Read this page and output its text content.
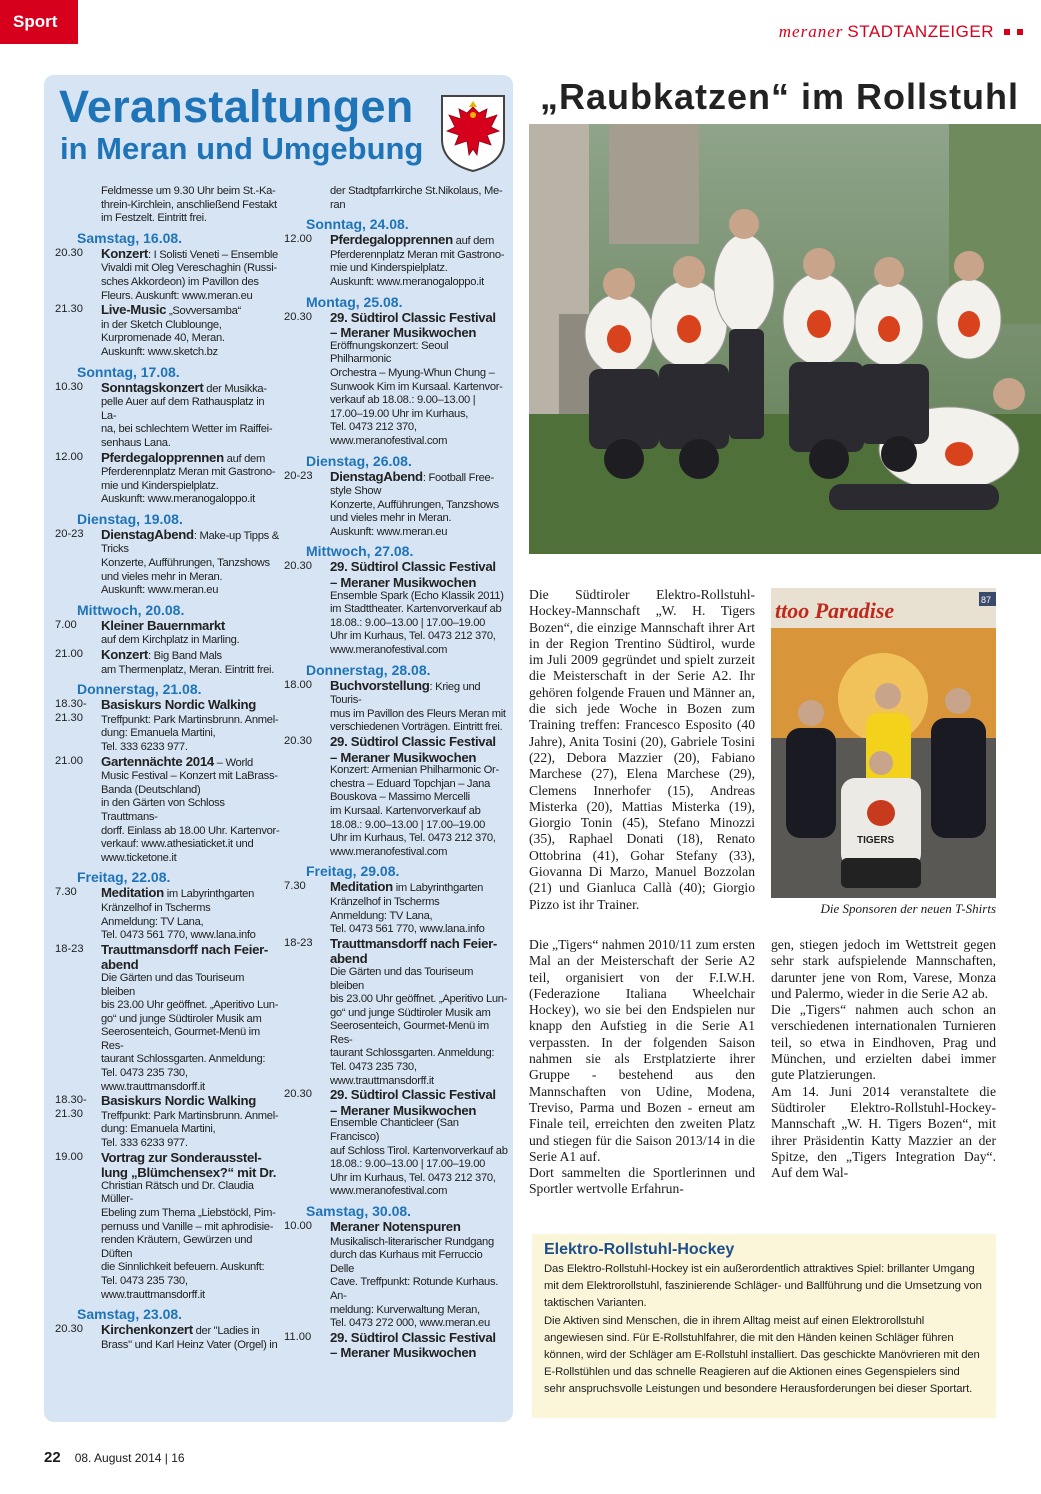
Sport
meraner STADTANZEIGER
Veranstaltungen
in Meran und Umgebung
Feldmesse um 9.30 Uhr beim St.-Ka-
threin-Kirchlein, anschließend Festakt
im Festzelt. Eintritt frei.
Samstag, 16.08.
20.30	Konzert: I Solisti Veneti – Ensemble
Vivaldi mit Oleg Vereschaghin (Russi-
sches Akkordeon) im Pavillon des
Fleurs. Auskunft: www.meran.eu
21.30	Live-Music „Sovversamba“
in der Sketch Clublounge,
Kurpromenade 40, Meran.
Auskunft: www.sketch.bz
Sonntag, 17.08.
10.30	Sonntagskonzert der Musikka-
pelle Auer auf dem Rathausplatz in La-
na, bei schlechtem Wetter im Raiffei-
senhaus Lana.
12.00	Pferdegalopprennen auf dem
Pferderennplatz Meran mit Gastrono-
mie und Kinderspielplatz.
Auskunft: www.meranogaloppo.it
Dienstag, 19.08.
20-23	DienstagAbend: Make-up Tipps &
Tricks
Konzerte, Aufführungen, Tanzshows
und vieles mehr in Meran.
Auskunft: www.meran.eu
Mittwoch, 20.08.
7.00	Kleiner Bauernmarkt
auf dem Kirchplatz in Marling.
21.00	Konzert: Big Band Mals
am Thermenplatz, Meran. Eintritt frei.
Donnerstag, 21.08.
18.30-21.30
Basiskurs Nordic Walking
Treffpunkt: Park Martinsbrunn. Anmel-
dung: Emanuela Martini,
Tel. 333 6233 977.
21.00	Gartennächte 2014 – World
Music Festival – Konzert mit LaBrass-
Banda (Deutschland)
in den Gärten von Schloss Trauttmans-
dorff. Einlass ab 18.00 Uhr. Kartenvor-
verkauf: www.athesiaticket.it und
www.ticketone.it
Freitag, 22.08.
7.30	Meditation im Labyrinthgarten
Kränzelhof in Tscherms
Anmeldung: TV Lana,
Tel. 0473 561 770, www.lana.info
18-23	Trauttmansdorff nach Feier-
abend
Die Gärten und das Touriseum bleiben
bis 23.00 Uhr geöffnet. „Aperitivo Lun-
go“ und junge Südtiroler Musik am
Seerosenteich, Gourmet-Menü im Res-
taurant Schlossgarten. Anmeldung:
Tel. 0473 235 730,
www.trauttmansdorff.it
18.30-21.30
Basiskurs Nordic Walking
Treffpunkt: Park Martinsbrunn. Anmel-
dung: Emanuela Martini,
Tel. 333 6233 977.
19.00	Vortrag zur Sonderausstel-
lung „Blümchensex?“ mit Dr.
Christian Rätsch und Dr. Claudia Müller-
Ebeling zum Thema „Liebstöckl, Pim-
pernuss und Vanille – mit aphrodisie-
renden Kräutern, Gewürzen und Düften
die Sinnlichkeit befeuern. Auskunft:
Tel. 0473 235 730,
www.trauttmansdorff.it
Samstag, 23.08.
20.30	Kirchenkonzert der "Ladies in
Brass" und Karl Heinz Vater (Orgel) in
der Stadtpfarrkirche St.Nikolaus, Me-
ran
Sonntag, 24.08.
12.00	Pferdegalopprennen auf dem
Pferderennplatz Meran mit Gastrono-
mie und Kinderspielplatz.
Auskunft: www.meranogaloppo.it
Montag, 25.08.
20.30	29. Südtirol Classic Festival
– Meraner Musikwochen
Eröffnungskonzert: Seoul Philharmonic
Orchestra – Myung-Whun Chung –
Sunwook Kim im Kursaal. Kartenvor-
verkauf ab 18.08.: 9.00–13.00 |
17.00–19.00 Uhr im Kurhaus,
Tel. 0473 212 370,
www.meranofestival.com
Dienstag, 26.08.
20-23	DienstagAbend: Football Free-
style Show
Konzerte, Aufführungen, Tanzshows
und vieles mehr in Meran.
Auskunft: www.meran.eu
Mittwoch, 27.08.
20.30	29. Südtirol Classic Festival
– Meraner Musikwochen
Ensemble Spark (Echo Klassik 2011)
im Stadttheater. Kartenvorverkauf ab
18.08.: 9.00–13.00 | 17.00–19.00
Uhr im Kurhaus, Tel. 0473 212 370,
www.meranofestival.com
Donnerstag, 28.08.
18.00	Buchvorstellung: Krieg und Touris-
mus im Pavillon des Fleurs Meran mit
verschiedenen Vorträgen. Eintritt frei.
20.30	29. Südtirol Classic Festival
– Meraner Musikwochen
Konzert: Armenian Philharmonic Or-
chestra – Eduard Topchjan – Jana
Bouskova – Massimo Mercelli
im Kursaal. Kartenvorverkauf ab
18.08.: 9.00–13.00 | 17.00–19.00
Uhr im Kurhaus, Tel. 0473 212 370,
www.meranofestival.com
Freitag, 29.08.
7.30	Meditation im Labyrinthgarten
Kränzelhof in Tscherms
Anmeldung: TV Lana,
Tel. 0473 561 770, www.lana.info
18-23	Trauttmansdorff nach Feier-
abend
Die Gärten und das Touriseum bleiben
bis 23.00 Uhr geöffnet. „Aperitivo Lun-
go“ und junge Südtiroler Musik am
Seerosenteich, Gourmet-Menü im Res-
taurant Schlossgarten. Anmeldung:
Tel. 0473 235 730,
www.trauttmansdorff.it
20.30	29. Südtirol Classic Festival
– Meraner Musikwochen
Ensemble Chanticleer (San Francisco)
auf Schloss Tirol. Kartenvorverkauf ab
18.08.: 9.00–13.00 | 17.00–19.00
Uhr im Kurhaus, Tel. 0473 212 370,
www.meranofestival.com
Samstag, 30.08.
10.00	Meraner Notenspuren
Musikalisch-literarischer Rundgang
durch das Kurhaus mit Ferruccio Delle
Cave. Treffpunkt: Rotunde Kurhaus. An-
meldung: Kurverwaltung Meran,
Tel. 0473 272 000, www.meran.eu
11.00	29. Südtirol Classic Festival
– Meraner Musikwochen
„Raubkatzen“ im Rollstuhl
ttoo Paradise	87
TIGERS
Die Sponsoren der neuen T-Shirts

Die Südtiroler Elektro-Rollstuhl-Hockey-Mannschaft „W. H. Tigers Bozen“, die einzige Mannschaft ihrer Art in der Region Trentino Südtirol, wurde im Juli 2009 gegründet und spielt zurzeit die Meisterschaft in der Serie A2. Ihr gehören folgende Frauen und Männer an, die sich jede Woche in Bozen zum Training treffen: Francesco Esposito (40 Jahre), Anita Tosini (20), Gabriele Tosini (22), Debora Mazzier (20), Fabiano Marchese (27), Elena Marchese (29), Clemens Innerhofer (15), Andreas Misterka (20), Mattias Misterka (19), Giorgio Tonin (45), Stefano Minozzi (35), Raphael Donati (18), Renato Ottobrina (41), Gohar Stefany (33), Giovanna Di Marzo, Manuel Bozzolan (21) und Gianluca Callà (40); Giorgio Pizzo ist ihr Trainer.

Die „Tigers“ nahmen 2010/11 zum ersten Mal an der Meisterschaft der Serie A2 teil, organisiert von der F.I.W.H. (Federazione Italiana Wheelchair Hockey), wo sie bei den Endspielen nur knapp den Aufstieg in die Serie A1 verpassten. In der folgenden Saison nahmen sie als Erstplatzierte ihrer Gruppe - bestehend aus den Mannschaften von Udine, Modena, Treviso, Parma und Bozen - erneut am Finale teil, erreichten den zweiten Platz und stiegen für die Saison 2013/14 in die Serie A1 auf.

Dort sammelten die Sportlerinnen und Sportler wertvolle Erfahrun-

gen, stiegen jedoch im Wettstreit gegen sehr stark aufspielende Mannschaften, darunter jene von Rom, Varese, Monza und Palermo, wieder in die Serie A2 ab.

Die „Tigers“ nahmen auch schon an verschiedenen internationalen Turnieren teil, so etwa in Eindhoven, Prag und München, und erzielten dabei immer gute Platzierungen.

Am 14. Juni 2014 veranstaltete die Südtiroler Elektro-Rollstuhl-Hockey-Mannschaft „W. H. Tigers Bozen“, mit ihrer Präsidentin Katty Mazzier an der Spitze, den „Tigers Integration Day“. Auf dem Wal-

Elektro-Rollstuhl-Hockey

Das Elektro-Rollstuhl-Hockey ist ein außerordentlich attraktives Spiel: brillanter Umgang mit dem Elektrorollstuhl, faszinierende Schläger- und Ballführung und die Umsetzung von taktischen Varianten.

Die Aktiven sind Menschen, die in ihrem Alltag meist auf einen Elektrorollstuhl angewiesen sind. Für E-Rollstuhlfahrer, die mit den Händen keinen Schläger führen können, wird der Schläger am E-Rollstuhl installiert. Das geschickte Manövrieren mit den E-Rollstühlen und das schnelle Reagieren auf die Aktionen eines Gegenspielers sind sehr anspruchsvolle Leistungen und besondere Herausforderungen bei dieser Sportart.

22 08. August 2014 | 16
